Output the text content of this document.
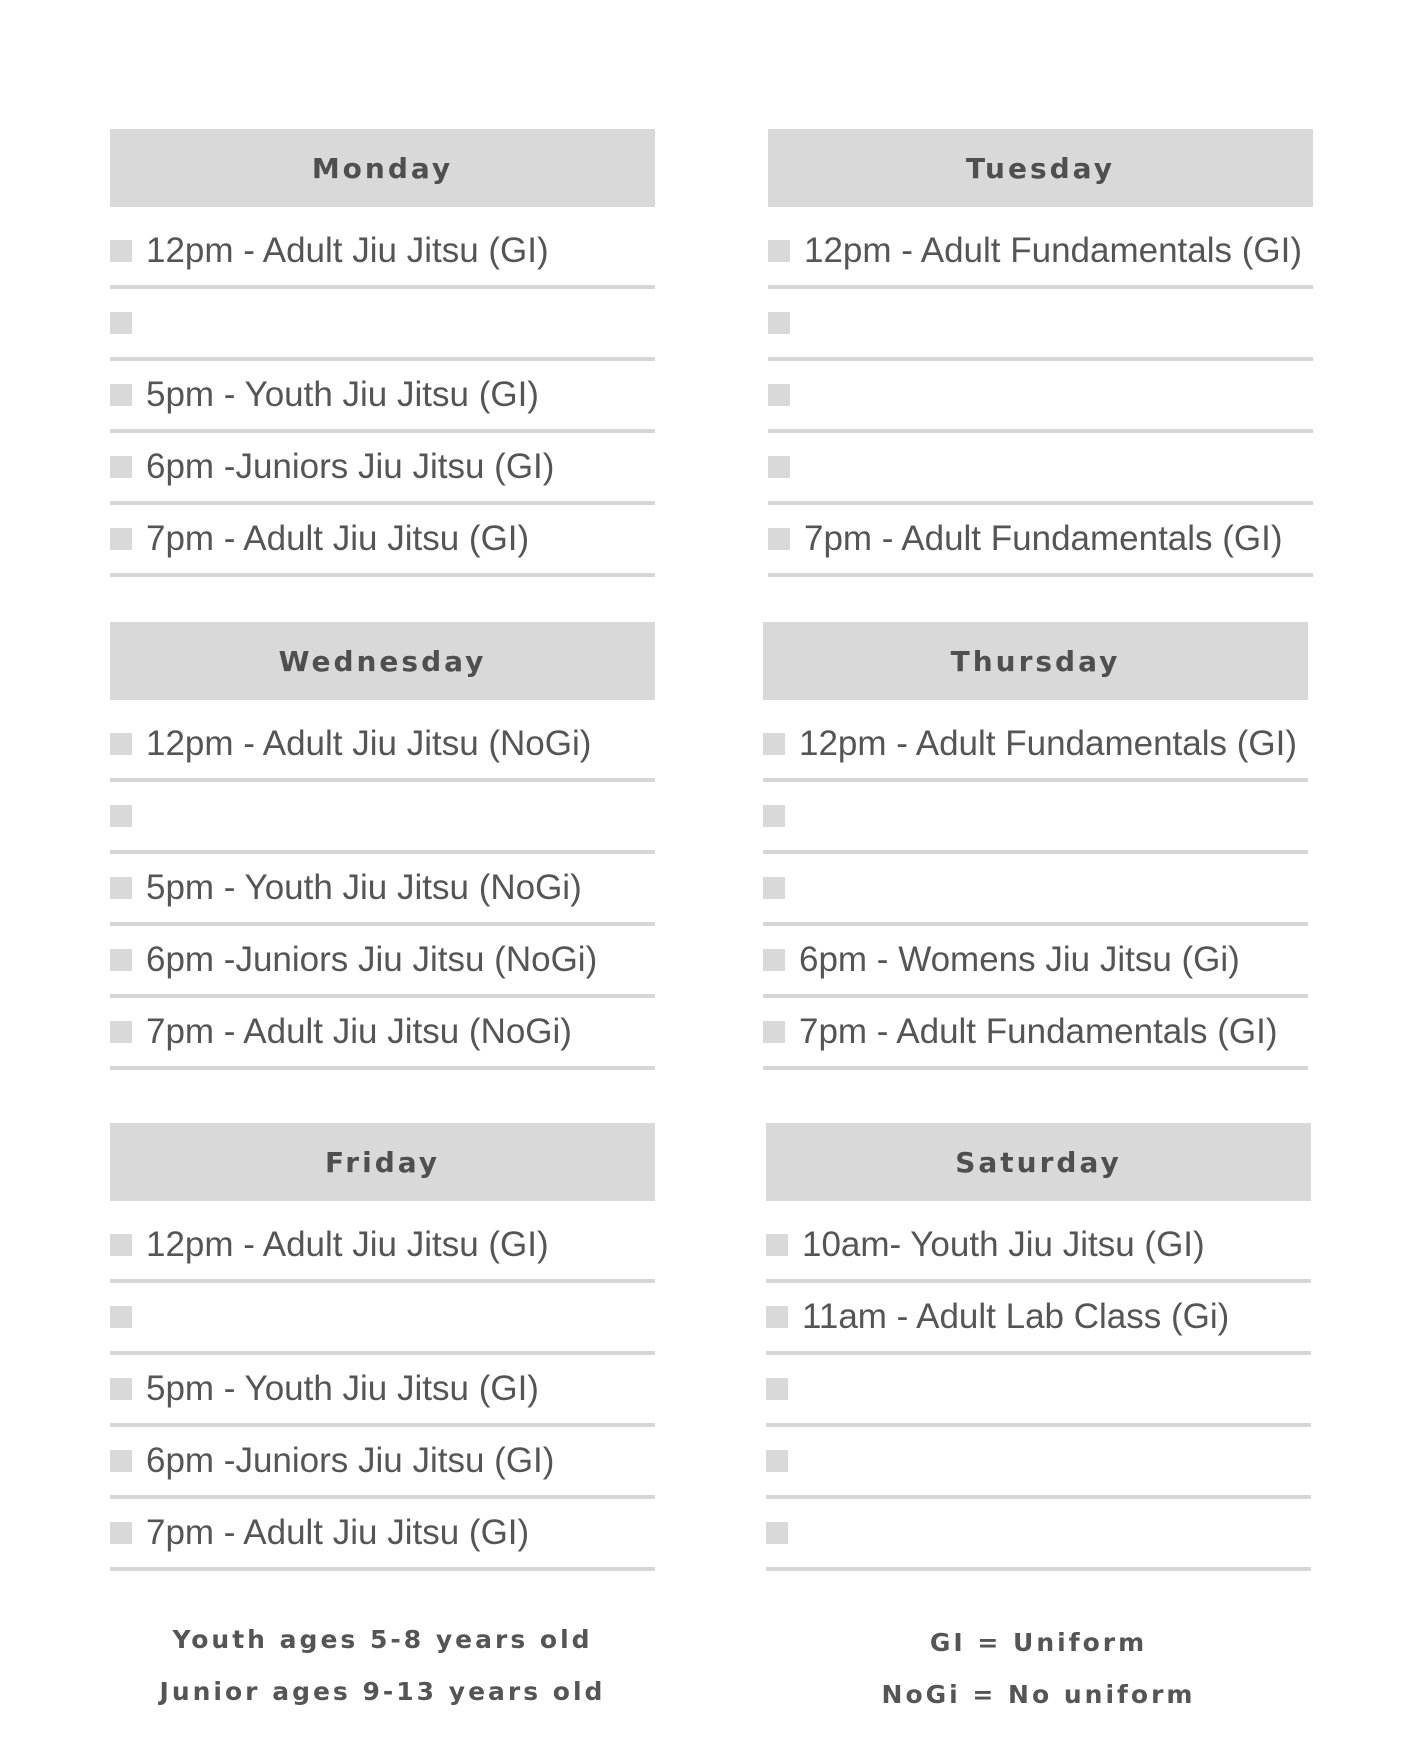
Monday
12pm - Adult Jiu Jitsu (GI)
5pm - Youth Jiu Jitsu (GI)
6pm -Juniors Jiu Jitsu (GI)
7pm - Adult Jiu Jitsu (GI)
Tuesday
12pm - Adult Fundamentals (GI)
7pm - Adult Fundamentals (GI)
Wednesday
12pm - Adult Jiu Jitsu (NoGi)
5pm - Youth Jiu Jitsu (NoGi)
6pm -Juniors Jiu Jitsu (NoGi)
7pm - Adult Jiu Jitsu (NoGi)
Thursday
12pm - Adult Fundamentals (GI)
6pm - Womens Jiu Jitsu (Gi)
7pm - Adult Fundamentals (GI)
Friday
12pm - Adult Jiu Jitsu (GI)
5pm - Youth Jiu Jitsu (GI)
6pm -Juniors Jiu Jitsu (GI)
7pm - Adult Jiu Jitsu (GI)
Saturday
10am- Youth Jiu Jitsu (GI)
11am - Adult Lab Class (Gi)
Youth ages 5-8 years old
Junior ages 9-13 years old
GI = Uniform
NoGi = No uniform
